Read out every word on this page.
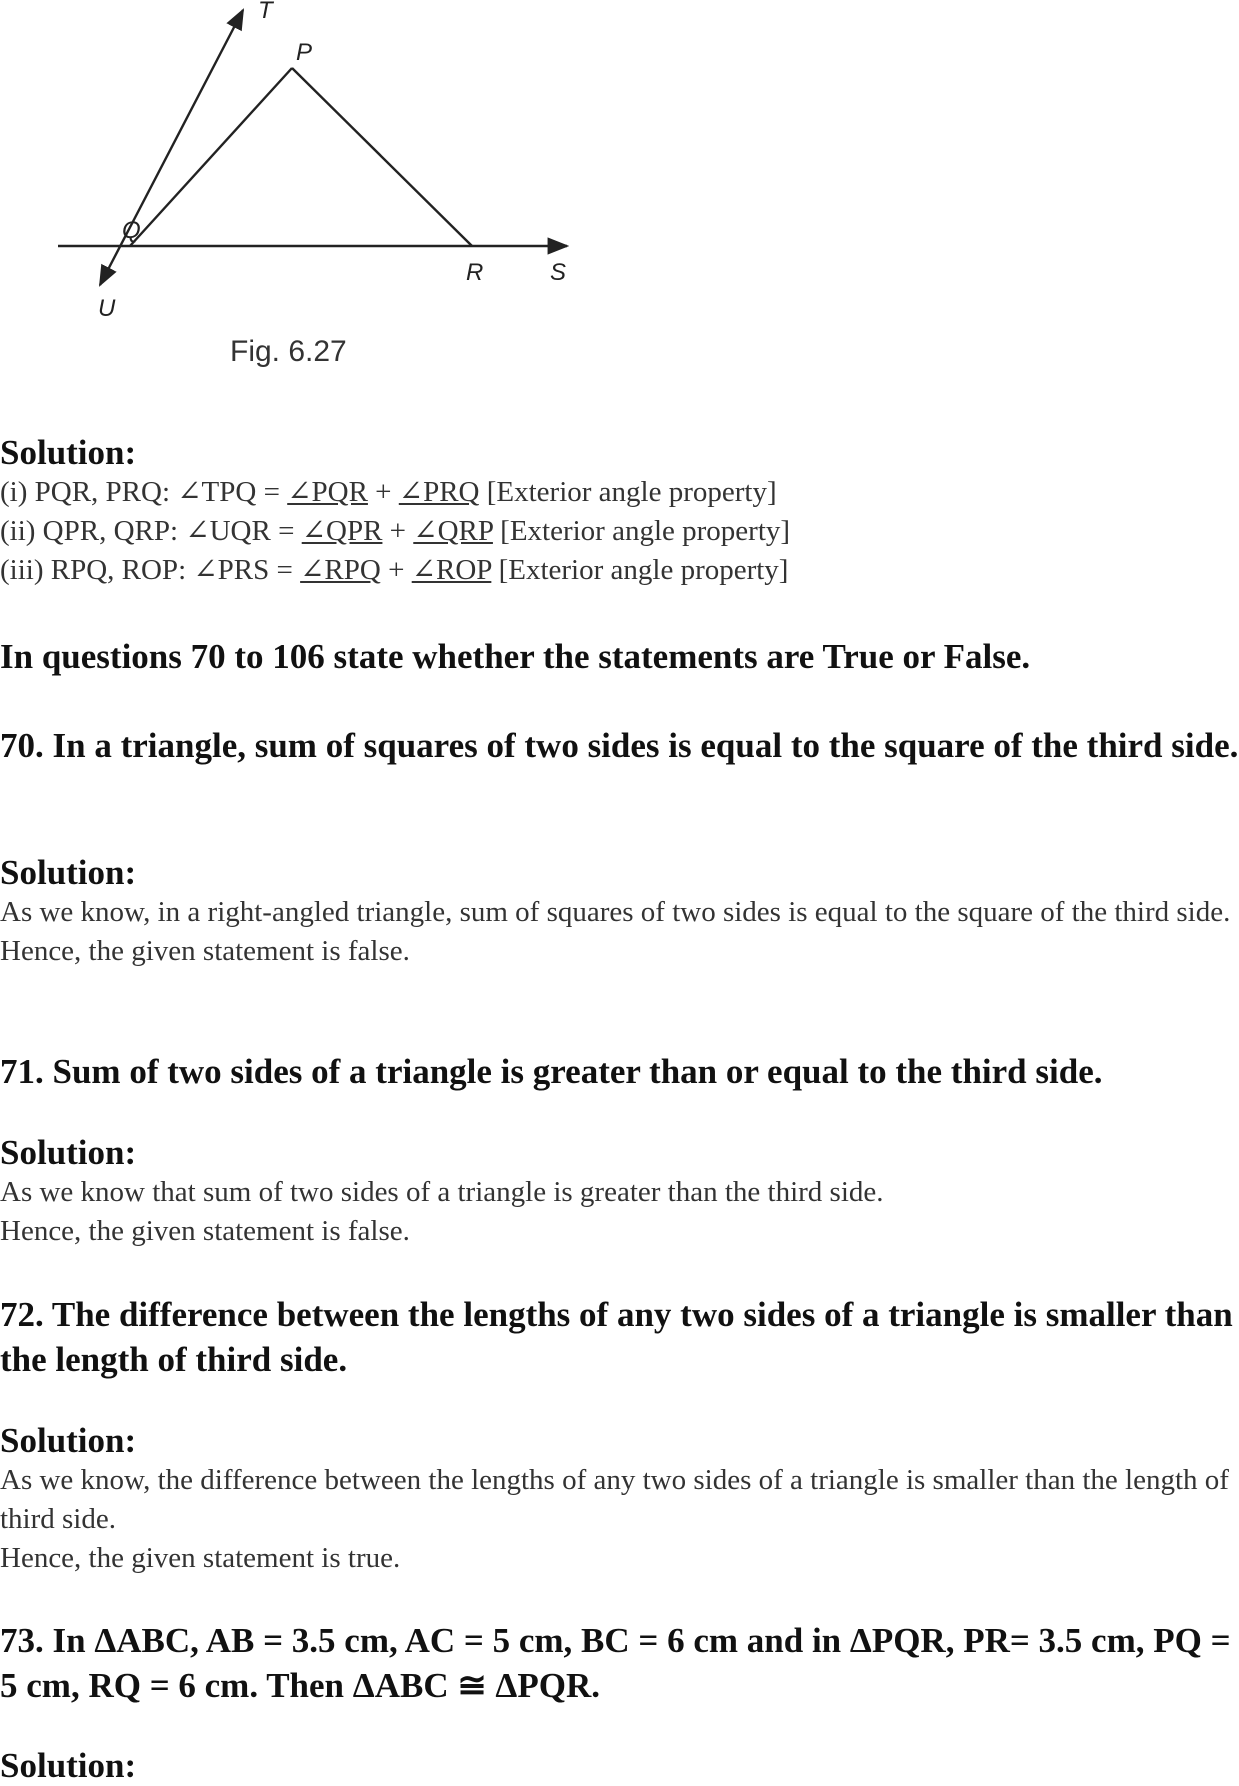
T
P
Q
R	S
U
Fig. 6.27

Solution:

(i) PQR, PRQ: ∠TPQ = ∠PQR + ∠PRQ [Exterior angle property]

(ii) QPR, QRP: ∠UQR = ∠QPR + ∠QRP [Exterior angle property]

(iii) RPQ, ROP: ∠PRS = ∠RPQ + ∠ROP [Exterior angle property]

In questions 70 to 106 state whether the statements are True or False.

70. In a triangle, sum of squares of two sides is equal to the square of the third side.

Solution:

As we know, in a right-angled triangle, sum of squares of two sides is equal to the square of the third side.

Hence, the given statement is false.

71. Sum of two sides of a triangle is greater than or equal to the third side.

Solution:

As we know that sum of two sides of a triangle is greater than the third side.

Hence, the given statement is false.

72. The difference between the lengths of any two sides of a triangle is smaller than the length of third side.

Solution:

As we know, the difference between the lengths of any two sides of a triangle is smaller than the length of third side.

Hence, the given statement is true.

73. In ΔABC, AB = 3.5 cm, AC = 5 cm, BC = 6 cm and in ΔPQR, PR= 3.5 cm, PQ = 5 cm, RQ = 6 cm. Then ΔABC ≅ ΔPQR.

Solution:
